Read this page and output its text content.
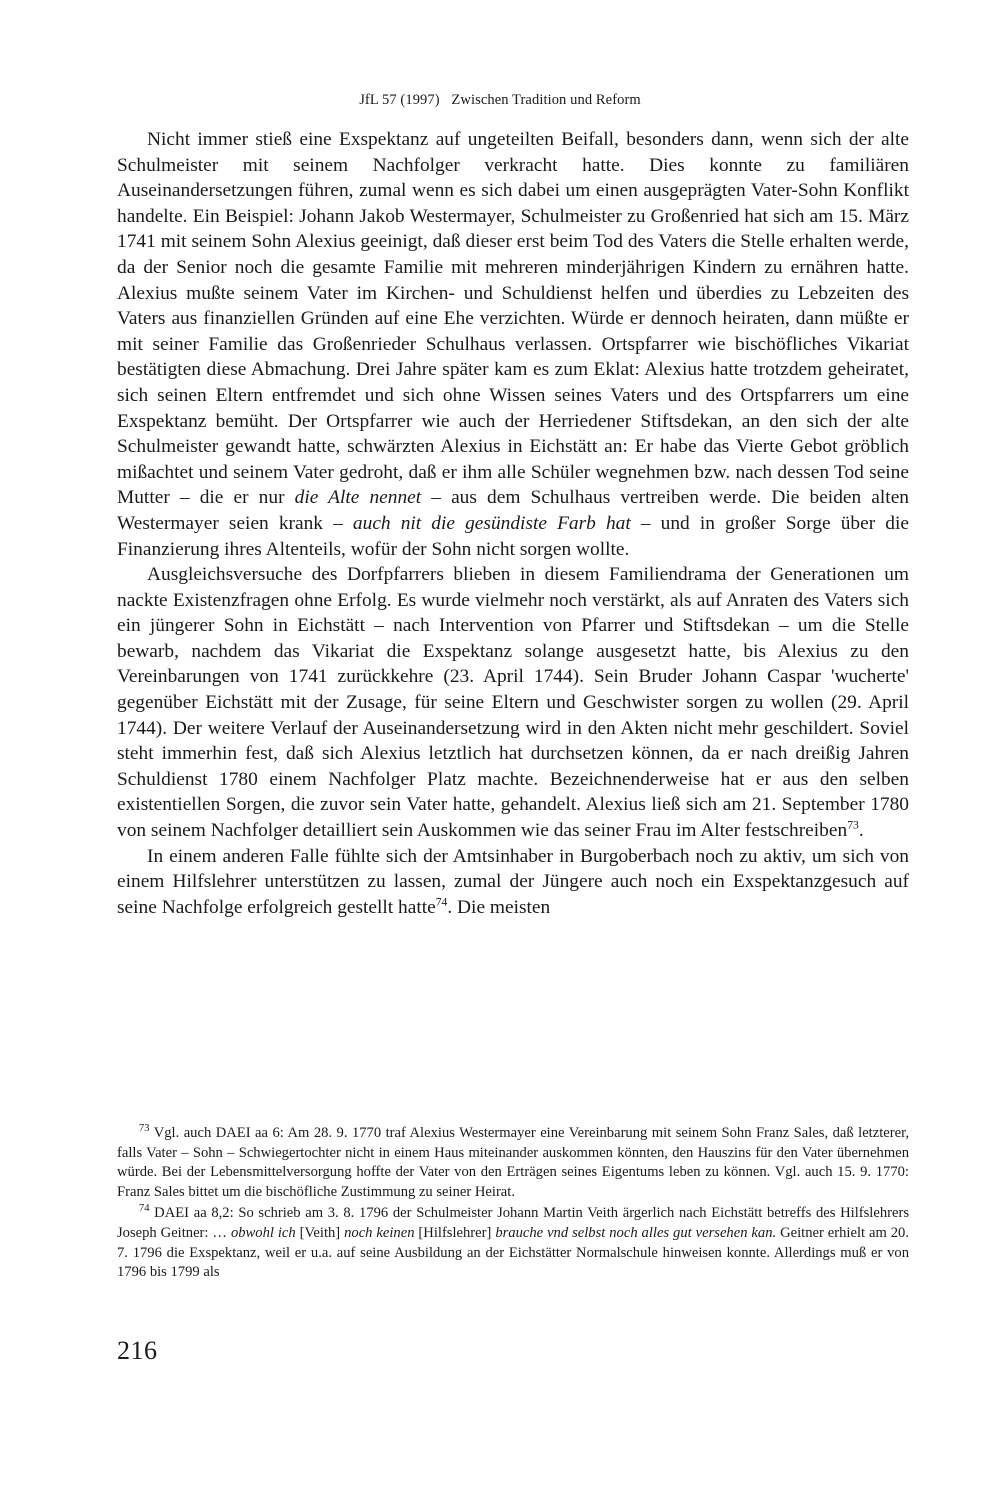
JfL 57 (1997) Zwischen Tradition und Reform

Nicht immer stieß eine Exspektanz auf ungeteilten Beifall, besonders dann, wenn sich der alte Schulmeister mit seinem Nachfolger verkracht hatte. Dies konnte zu familiären Auseinandersetzungen führen, zumal wenn es sich dabei um einen ausgeprägten Vater-Sohn Konflikt handelte. Ein Beispiel: Johann Jakob Westermayer, Schulmeister zu Großenried hat sich am 15. März 1741 mit seinem Sohn Alexius geeinigt, daß dieser erst beim Tod des Vaters die Stelle erhalten werde, da der Senior noch die gesamte Familie mit mehreren minderjährigen Kindern zu ernähren hatte. Alexius mußte seinem Vater im Kirchen- und Schuldienst helfen und überdies zu Lebzeiten des Vaters aus finanziellen Gründen auf eine Ehe verzichten. Würde er dennoch heiraten, dann müßte er mit seiner Familie das Großenrieder Schulhaus verlassen. Ortspfarrer wie bischöfliches Vikariat bestätigten diese Abmachung. Drei Jahre später kam es zum Eklat: Alexius hatte trotzdem geheiratet, sich seinen Eltern entfremdet und sich ohne Wissen seines Vaters und des Ortspfarrers um eine Exspektanz bemüht. Der Ortspfarrer wie auch der Herriedener Stiftsdekan, an den sich der alte Schulmeister gewandt hatte, schwärzten Alexius in Eichstätt an: Er habe das Vierte Gebot gröblich mißachtet und seinem Vater gedroht, daß er ihm alle Schüler wegnehmen bzw. nach dessen Tod seine Mutter – die er nur die Alte nennet – aus dem Schulhaus vertreiben werde. Die beiden alten Westermayer seien krank – auch nit die gesündiste Farb hat – und in großer Sorge über die Finanzierung ihres Altenteils, wofür der Sohn nicht sorgen wollte.

Ausgleichsversuche des Dorfpfarrers blieben in diesem Familiendrama der Generationen um nackte Existenzfragen ohne Erfolg. Es wurde vielmehr noch verstärkt, als auf Anraten des Vaters sich ein jüngerer Sohn in Eichstätt – nach Intervention von Pfarrer und Stiftsdekan – um die Stelle bewarb, nachdem das Vikariat die Exspektanz solange ausgesetzt hatte, bis Alexius zu den Vereinbarungen von 1741 zurückkehre (23. April 1744). Sein Bruder Johann Caspar 'wucherte' gegenüber Eichstätt mit der Zusage, für seine Eltern und Geschwister sorgen zu wollen (29. April 1744). Der weitere Verlauf der Auseinandersetzung wird in den Akten nicht mehr geschildert. Soviel steht immerhin fest, daß sich Alexius letztlich hat durchsetzen können, da er nach dreißig Jahren Schuldienst 1780 einem Nachfolger Platz machte. Bezeichnenderweise hat er aus den selben existentiellen Sorgen, die zuvor sein Vater hatte, gehandelt. Alexius ließ sich am 21. September 1780 von seinem Nachfolger detailliert sein Auskommen wie das seiner Frau im Alter festschreiben$^{73}$.

In einem anderen Falle fühlte sich der Amtsinhaber in Burgoberbach noch zu aktiv, um sich von einem Hilfslehrer unterstützen zu lassen, zumal der Jüngere auch noch ein Exspektanzgesuch auf seine Nachfolge erfolgreich gestellt hatte$^{74}$. Die meisten

$^{73}$ Vgl. auch DAEI aa 6: Am 28. 9. 1770 traf Alexius Westermayer eine Vereinbarung mit seinem Sohn Franz Sales, daß letzterer, falls Vater – Sohn – Schwiegertochter nicht in einem Haus miteinander auskommen könnten, den Hauszins für den Vater übernehmen würde. Bei der Lebensmittelversorgung hoffte der Vater von den Erträgen seines Eigentums leben zu können. Vgl. auch 15. 9. 1770: Franz Sales bittet um die bischöfliche Zustimmung zu seiner Heirat.

$^{74}$ DAEI aa 8,2: So schrieb am 3. 8. 1796 der Schulmeister Johann Martin Veith ärgerlich nach Eichstätt betreffs des Hilfslehrers Joseph Geitner: … obwohl ich [Veith] noch keinen [Hilfslehrer] brauche vnd selbst noch alles gut versehen kan. Geitner erhielt am 20. 7. 1796 die Exspektanz, weil er u.a. auf seine Ausbildung an der Eichstätter Normalschule hinweisen konnte. Allerdings muß er von 1796 bis 1799 als

216
